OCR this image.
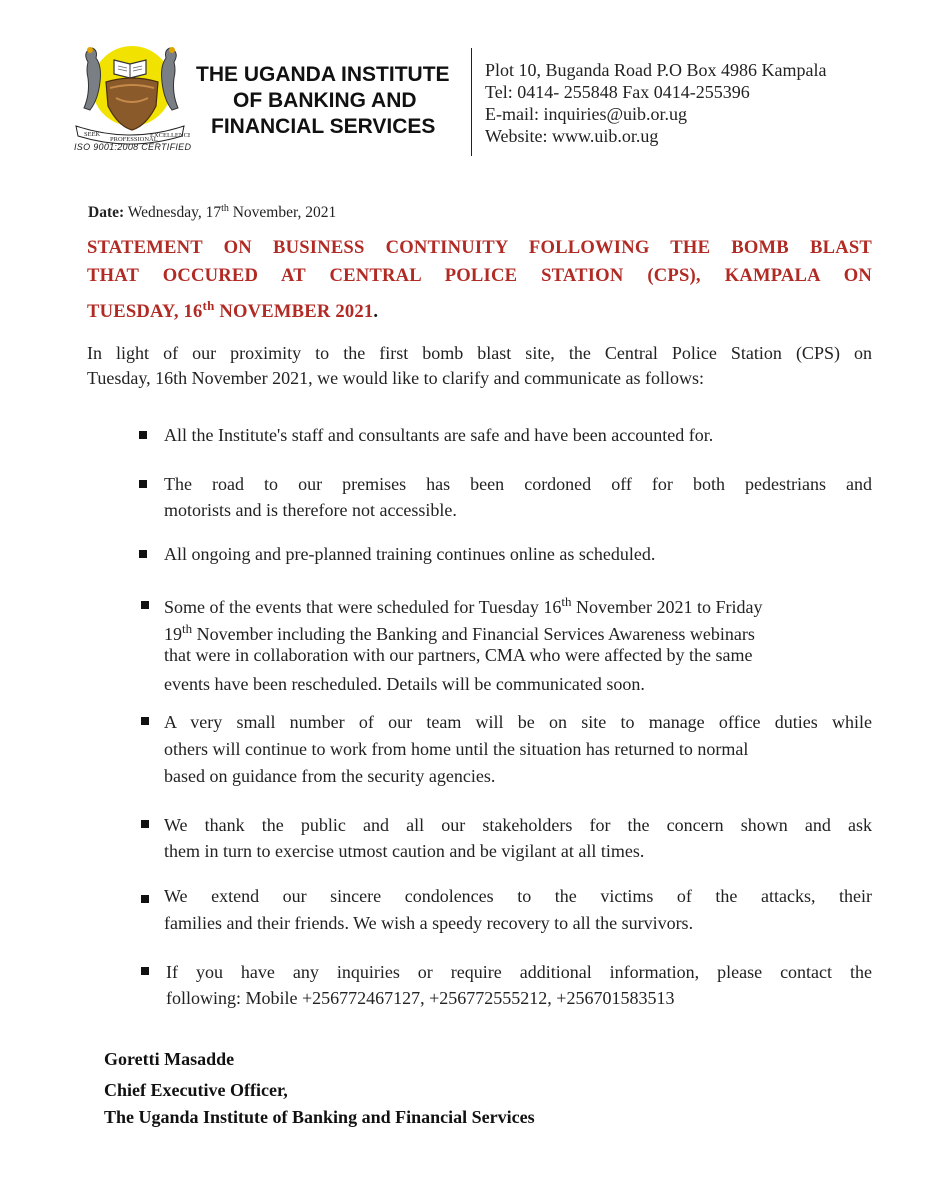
SEEK
PROFESSIONAL
EXCELLENCE
ISO 9001:2008 CERTIFIED
THE UGANDA INSTITUTE
OF BANKING AND
FINANCIAL SERVICES
Plot 10, Buganda Road P.O Box 4986 Kampala
Tel: 0414- 255848 Fax 0414-255396
E-mail: inquiries@uib.or.ug
Website: www.uib.or.ug
Date: Wednesday, 17th November, 2021
STATEMENT ON BUSINESS CONTINUITY FOLLOWING THE BOMB BLAST
THAT OCCURED AT CENTRAL POLICE STATION (CPS), KAMPALA ON
TUESDAY, 16th NOVEMBER 2021.
In light of our proximity to the first bomb blast site, the Central Police Station (CPS) on
Tuesday, 16th November 2021, we would like to clarify and communicate as follows:
All the Institute's staff and consultants are safe and have been accounted for.
The road to our premises has been cordoned off for both pedestrians and
motorists and is therefore not accessible.
All ongoing and pre-planned training continues online as scheduled.
Some of the events that were scheduled for Tuesday 16th November 2021 to Friday
19th November including the Banking and Financial Services Awareness webinars
that were in collaboration with our partners, CMA who were affected by the same
events have been rescheduled. Details will be communicated soon.
A very small number of our team will be on site to manage office duties while
others will continue to work from home until the situation has returned to normal
based on guidance from the security agencies.
We thank the public and all our stakeholders for the concern shown and ask
them in turn to exercise utmost caution and be vigilant at all times.
We extend our sincere condolences to the victims of the attacks, their
families and their friends. We wish a speedy recovery to all the survivors.
If you have any inquiries or require additional information, please contact the
following: Mobile +256772467127, +256772555212, +256701583513
Goretti Masadde
Chief Executive Officer,
The Uganda Institute of Banking and Financial Services
